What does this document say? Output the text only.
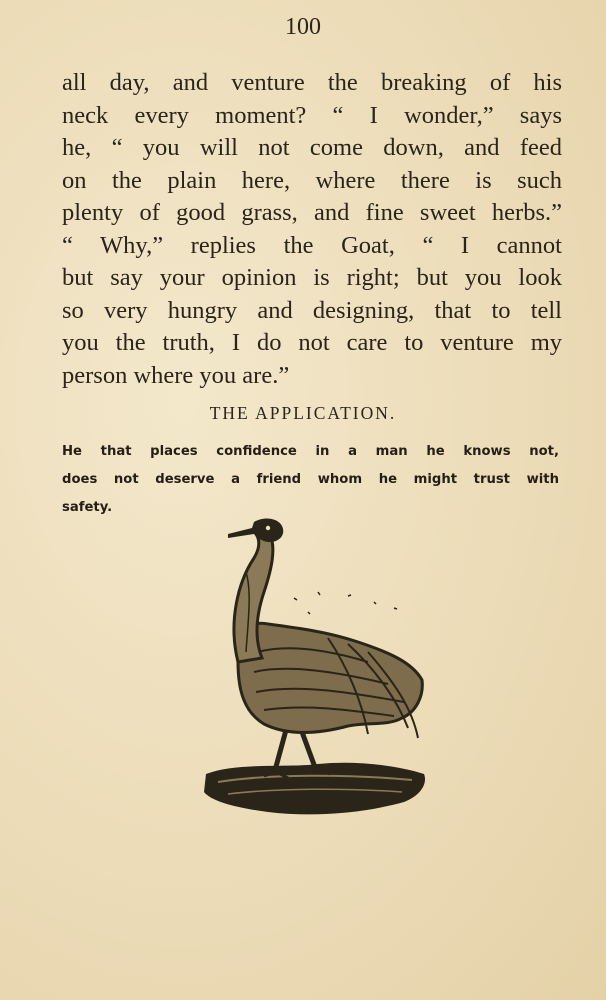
100
all day, and venture the breaking of his
neck every moment? “ I wonder,” says
he, “ you will not come down, and feed
on the plain here, where there is such
plenty of good grass, and fine sweet herbs.”
“ Why,” replies the Goat, “ I cannot
but say your opinion is right; but you look
so very hungry and designing, that to tell
you the truth, I do not care to venture my
person where you are.”
THE APPLICATION.
He that places confidence in a man he knows not,
does not deserve a friend whom he might trust with
safety.
